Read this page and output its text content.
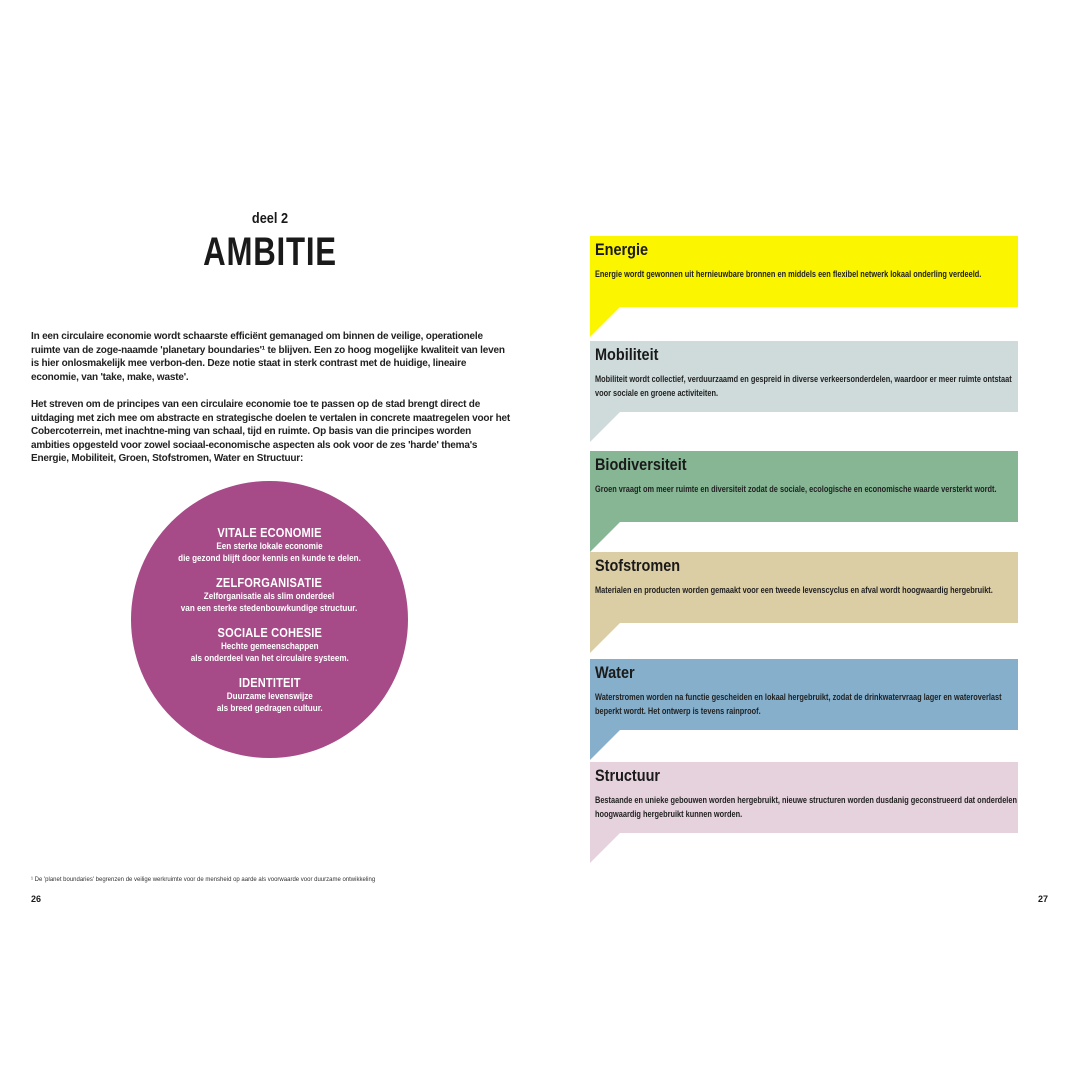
deel 2
AMBITIE

In een circulaire economie wordt schaarste efficiënt gemanaged om binnen de veilige, operationele ruimte van de zoge-naamde 'planetary boundaries'¹ te blijven. Een zo hoog mogelijke kwaliteit van leven is hier onlosmakelijk mee verbon-den. Deze notie staat in sterk contrast met de huidige, lineaire economie, van 'take, make, waste'.

Het streven om de principes van een circulaire economie toe te passen op de stad brengt direct de uitdaging met zich mee om abstracte en strategische doelen te vertalen in concrete maatregelen voor het Cobercoterrein, met inachtne-ming van schaal, tijd en ruimte. Op basis van die principes worden ambities opgesteld voor zowel sociaal-economische aspecten als ook voor de zes 'harde' thema's Energie, Mobiliteit, Groen, Stofstromen, Water en Structuur:

VITALE ECONOMIE
Een sterke lokale economie
die gezond blijft door kennis en kunde te delen.
ZELFORGANISATIE
Zelforganisatie als slim onderdeel
van een sterke stedenbouwkundige structuur.
SOCIALE COHESIE
Hechte gemeenschappen
als onderdeel van het circulaire systeem.
IDENTITEIT
Duurzame levenswijze
als breed gedragen cultuur.
¹ De 'planet boundaries' begrenzen de veilige werkruimte voor de mensheid op aarde als voorwaarde voor duurzame ontwikkeling
26
Energie
Energie wordt gewonnen uit hernieuwbare bronnen en middels een flexibel netwerk lokaal onderling verdeeld.
Mobiliteit
Mobiliteit wordt collectief, verduurzaamd en gespreid in diverse verkeersonderdelen, waardoor er meer ruimte ontstaat voor sociale en groene activiteiten.
Biodiversiteit
Groen vraagt om meer ruimte en diversiteit zodat de sociale, ecologische en economische waarde versterkt wordt.
Stofstromen
Materialen en producten worden gemaakt voor een tweede levenscyclus en afval wordt hoogwaardig hergebruikt.
Water
Waterstromen worden na functie gescheiden en lokaal hergebruikt, zodat de drinkwatervraag lager en wateroverlast beperkt wordt. Het ontwerp is tevens rainproof.
Structuur
Bestaande en unieke gebouwen worden hergebruikt, nieuwe structuren worden dusdanig geconstrueerd dat onderdelen hoogwaardig hergebruikt kunnen worden.
27
